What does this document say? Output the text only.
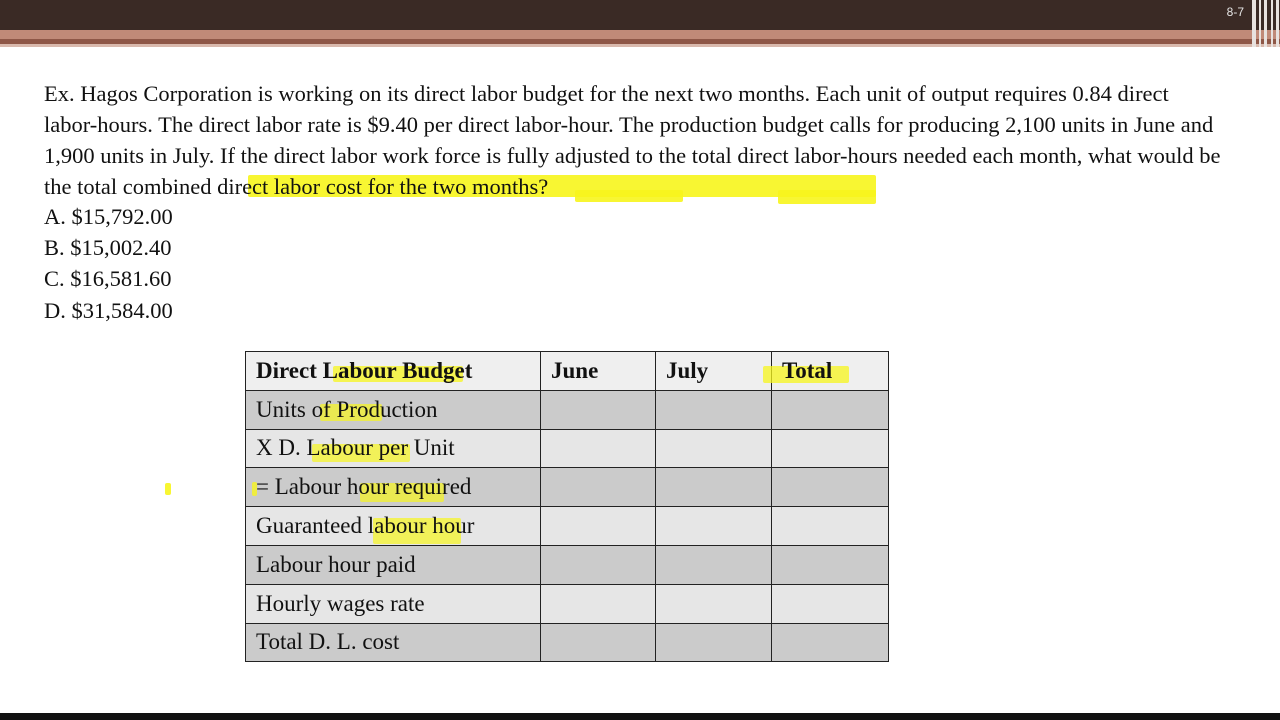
8-7

Ex. Hagos Corporation is working on its direct labor budget for the next two months. Each unit of output requires 0.84 direct labor-hours. The direct labor rate is $9.40 per direct labor-hour. The production budget calls for producing 2,100 units in June and 1,900 units in July. If the direct labor work force is fully adjusted to the total direct labor-hours needed each month, what would be the total combined direct labor cost for the two months?

A. $15,792.00

B. $15,002.40

C. $16,581.60

D. $31,584.00

Direct Labour Budget	June	July	Total
Units of Production			
X D. Labour per Unit			
= Labour hour required			
Guaranteed labour hour			
Labour hour paid			
Hourly wages rate			
Total D. L. cost			
